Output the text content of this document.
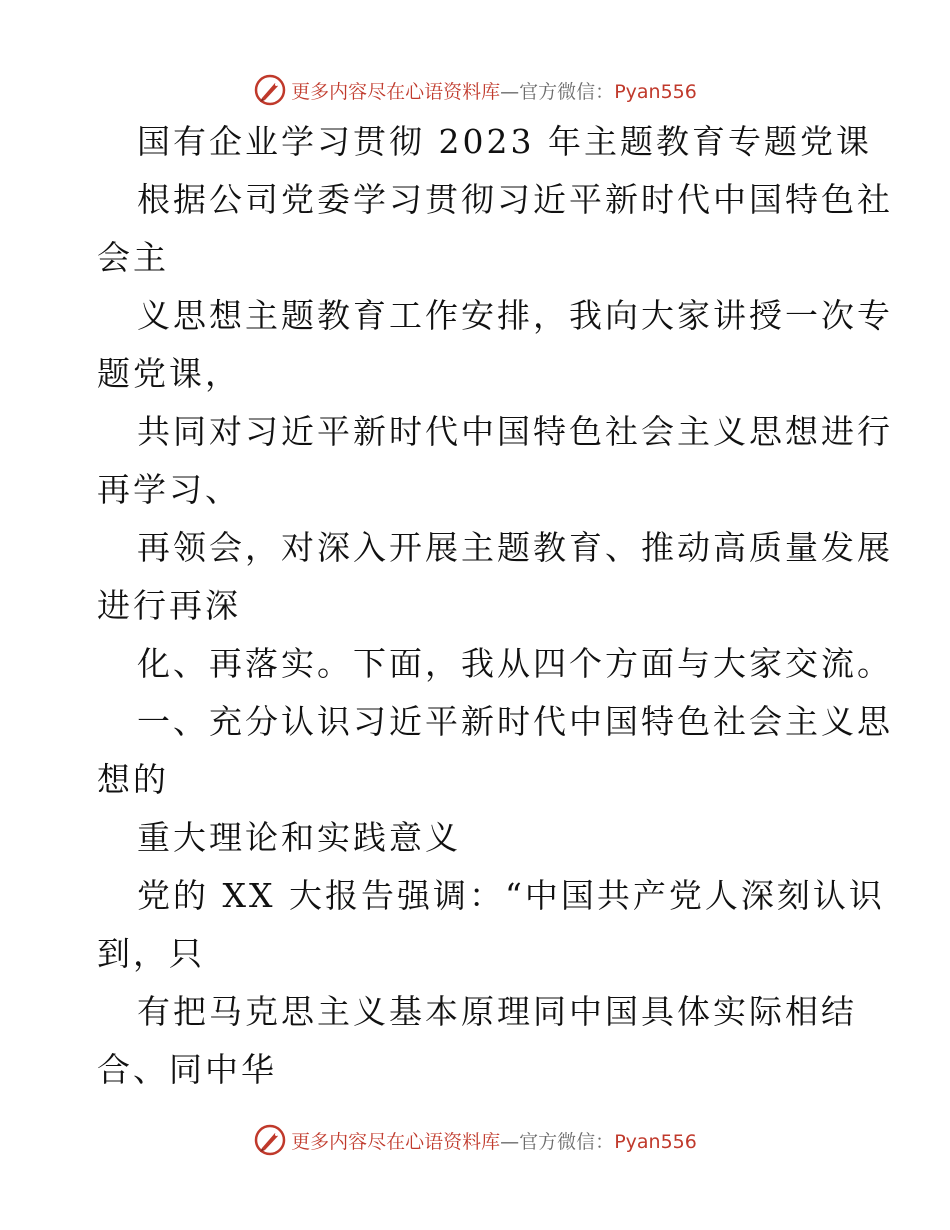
更多内容尽在心语资料库—官方微信：Pyan556
国有企业学习贯彻 2023 年主题教育专题党课
根据公司党委学习贯彻习近平新时代中国特色社
会主
义思想主题教育工作安排，我向大家讲授一次专
题党课，
共同对习近平新时代中国特色社会主义思想进行
再学习、
再领会，对深入开展主题教育、推动高质量发展
进行再深
化、再落实。下面，我从四个方面与大家交流。
一、充分认识习近平新时代中国特色社会主义思
想的
重大理论和实践意义
党的 XX 大报告强调：“中国共产党人深刻认识
到，只
有把马克思主义基本原理同中国具体实际相结
合、同中华
更多内容尽在心语资料库—官方微信：Pyan556
